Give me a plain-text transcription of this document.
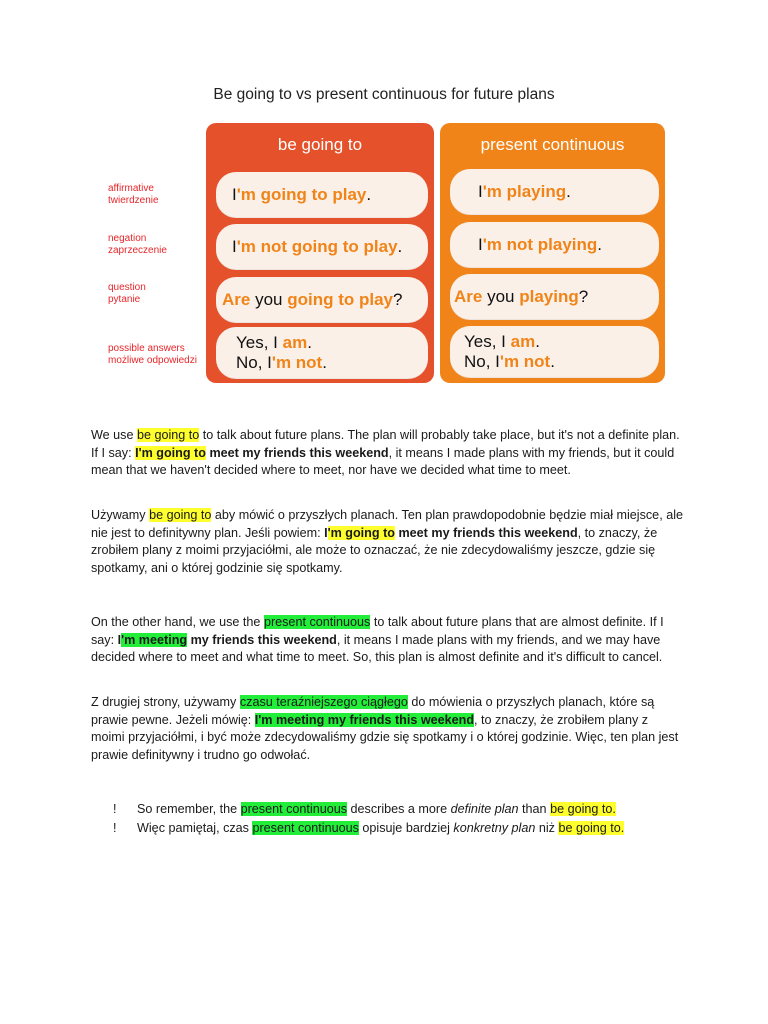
Be going to vs present continuous for future plans
affirmative
twierdzenie
negation
zaprzeczenie
question
pytanie
possible answers
możliwe odpowiedzi
be going to
I'm going to play.
I'm not going to play.
Are you going to play?
Yes, I am.
No, I'm not.
present continuous
I'm playing.
I'm not playing.
Are you playing?
Yes, I am.
No, I'm not.
We use be going to to talk about future plans. The plan will probably take place, but it's not a definite plan. If I say: I'm going to meet my friends this weekend, it means I made plans with my friends, but it could mean that we haven't decided where to meet, nor have we decided what time to meet.
Używamy be going to aby mówić o przyszłych planach. Ten plan prawdopodobnie będzie miał miejsce, ale nie jest to definitywny plan. Jeśli powiem: I'm going to meet my friends this weekend, to znaczy, że zrobiłem plany z moimi przyjaciółmi, ale może to oznaczać, że nie zdecydowaliśmy jeszcze, gdzie się spotkamy, ani o której godzinie się spotkamy.
On the other hand, we use the present continuous to talk about future plans that are almost definite. If I say: I'm meeting my friends this weekend, it means I made plans with my friends, and we may have decided where to meet and what time to meet. So, this plan is almost definite and it's difficult to cancel.
Z drugiej strony, używamy czasu teraźniejszego ciągłego do mówienia o przyszłych planach, które są prawie pewne. Jeżeli mówię: I'm meeting my friends this weekend, to znaczy, że zrobiłem plany z moimi przyjaciółmi, i być może zdecydowaliśmy gdzie się spotkamy i o której godzinie. Więc, ten plan jest prawie definitywny i trudno go odwołać.
! So remember, the present continuous describes a more definite plan than be going to.
! Więc pamiętaj, czas present continuous opisuje bardziej konkretny plan niż be going to.
